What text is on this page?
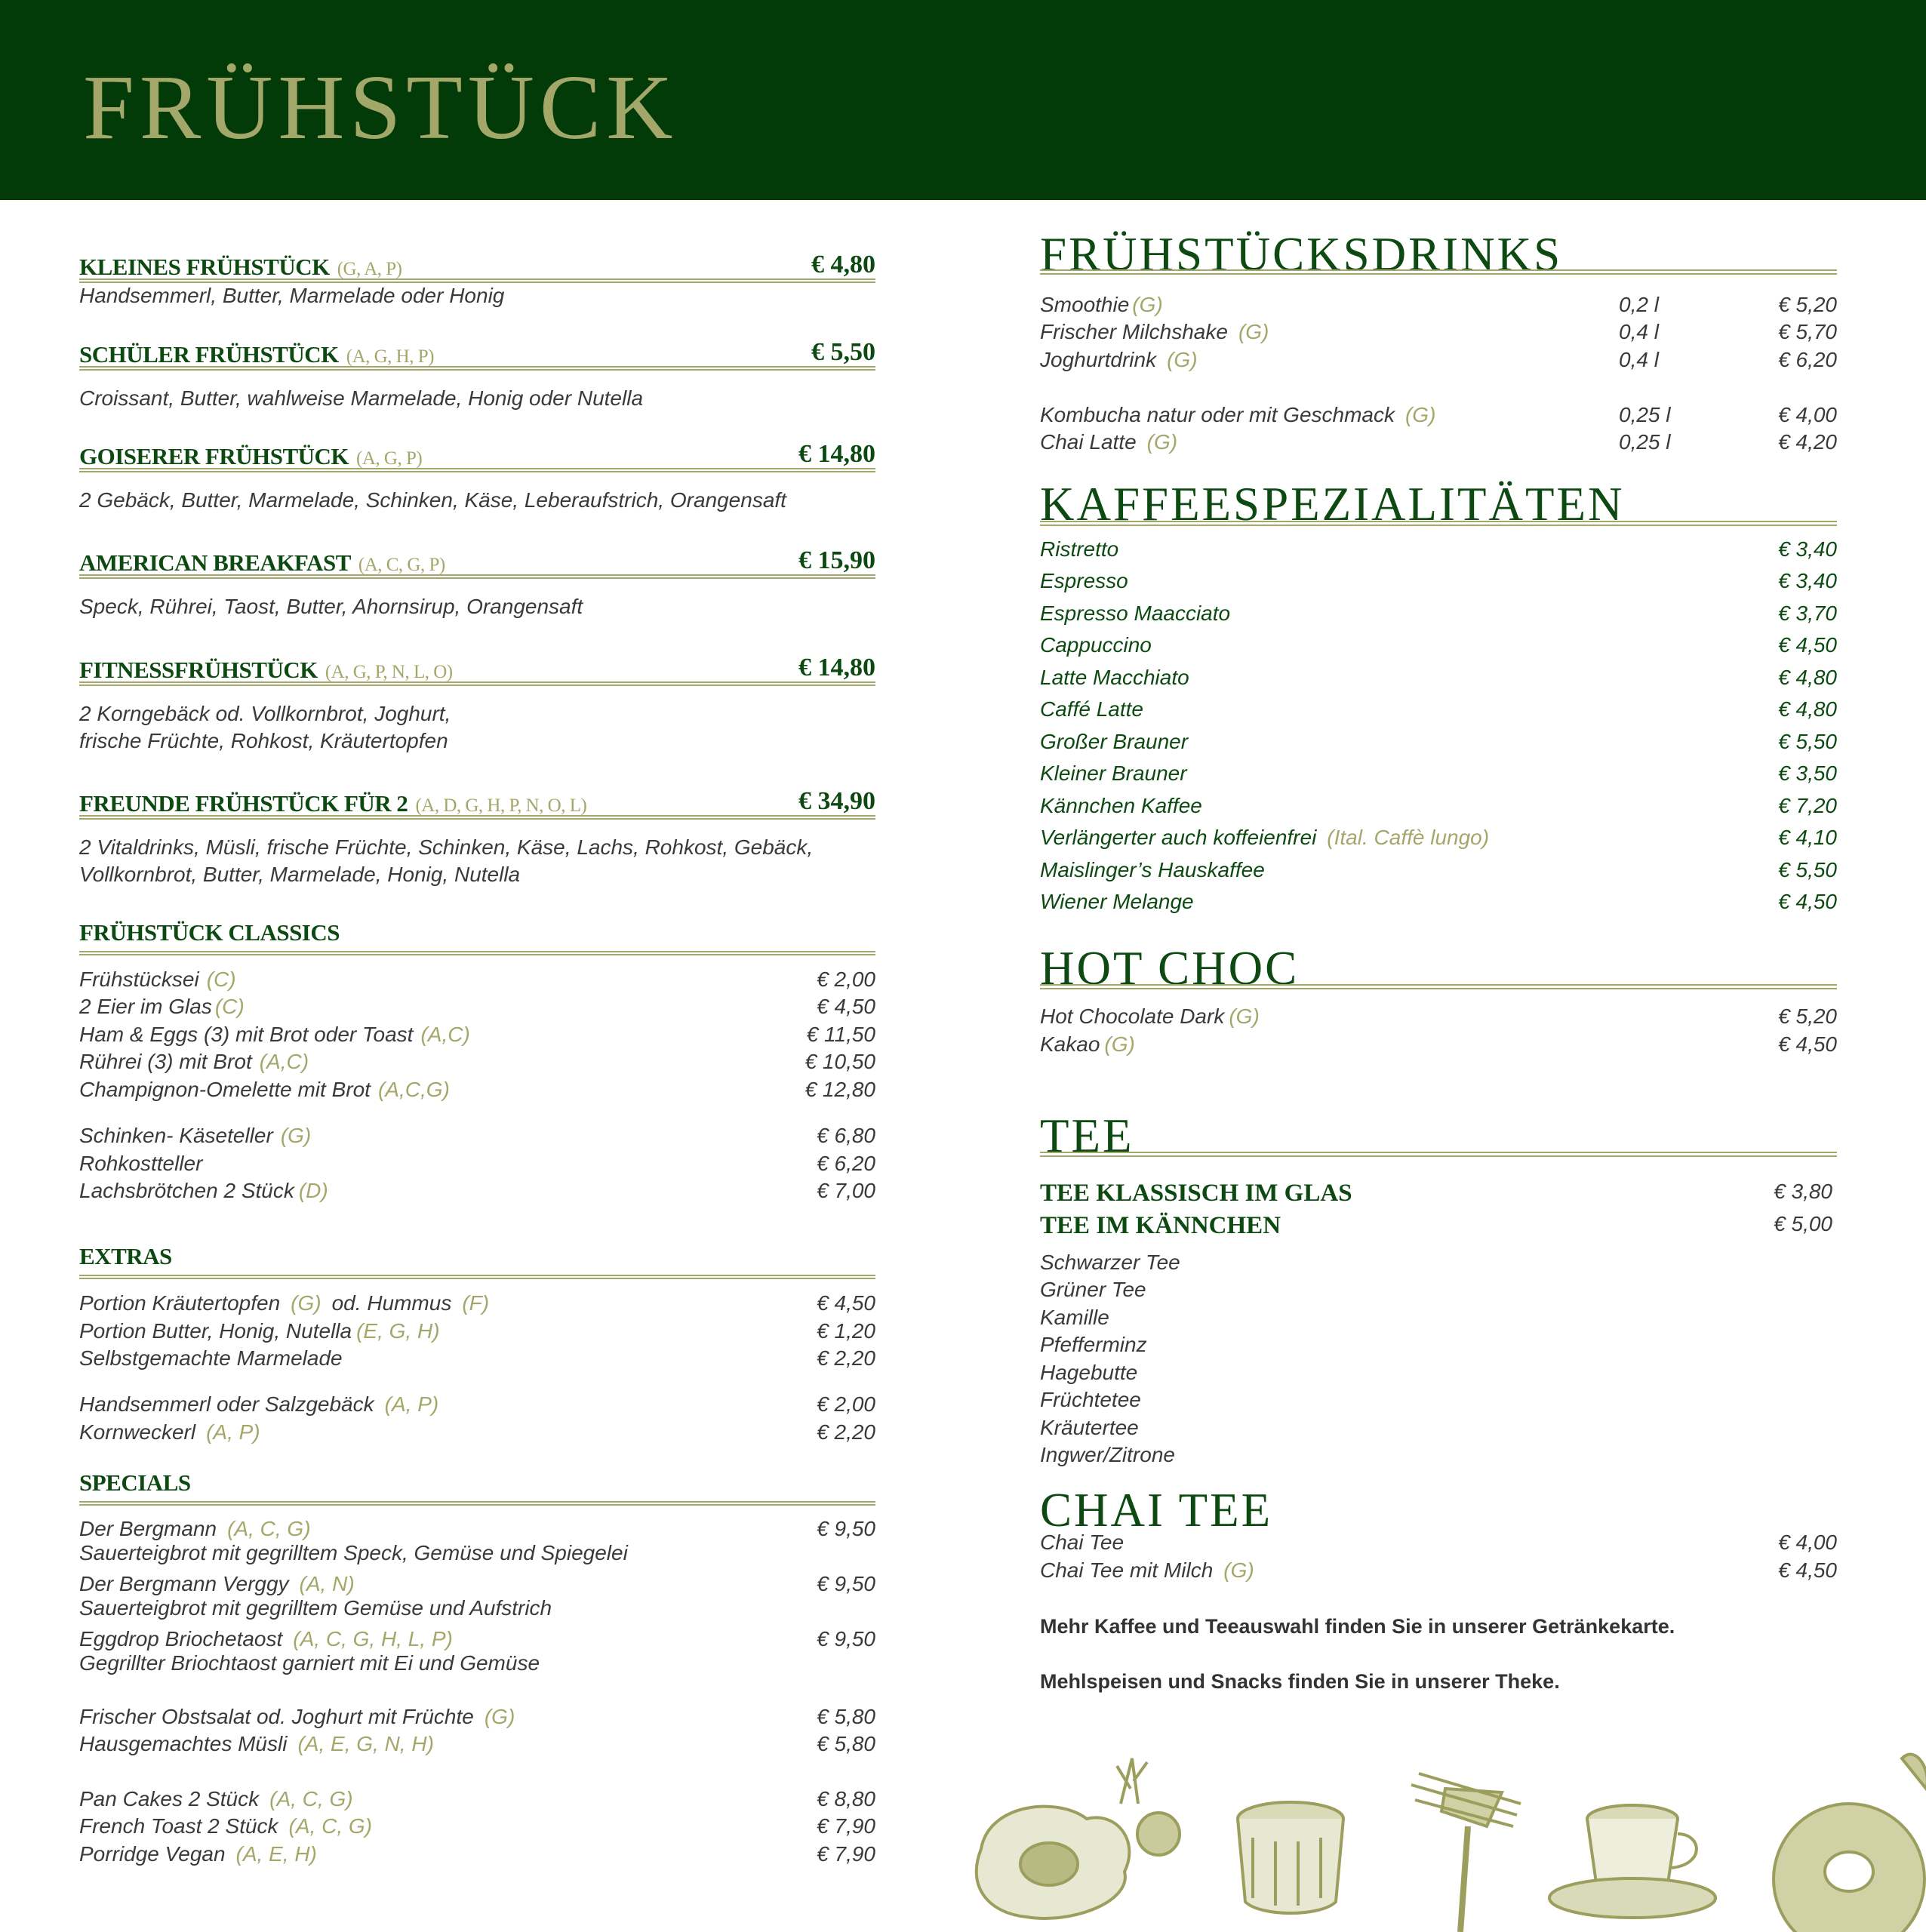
FRÜHSTÜCK
KLEINES FRÜHSTÜCK (G, A, P)	€ 4,80
Handsemmerl, Butter, Marmelade oder Honig
SCHÜLER FRÜHSTÜCK (A, G, H, P)	€ 5,50
Croissant, Butter, wahlweise Marmelade, Honig oder Nutella
GOISERER FRÜHSTÜCK (A, G, P)	€ 14,80
2 Gebäck, Butter, Marmelade, Schinken, Käse, Leberaufstrich, Orangensaft
AMERICAN BREAKFAST (A, C, G, P)	€ 15,90
Speck, Rührei, Taost, Butter, Ahornsirup, Orangensaft
FITNESSFRÜHSTÜCK (A, G, P, N, L, O)	€ 14,80
2 Korngebäck od. Vollkornbrot, Joghurt,
frische Früchte, Rohkost, Kräutertopfen
FREUNDE FRÜHSTÜCK FÜR 2 (A, D, G, H, P, N, O, L)	€ 34,90
2 Vitaldrinks, Müsli, frische Früchte, Schinken, Käse, Lachs, Rohkost, Gebäck,
Vollkornbrot, Butter, Marmelade, Honig, Nutella
FRÜHSTÜCK CLASSICS
Frühstücksei (C)	€ 2,00
2 Eier im Glas (C)	€ 4,50
Ham & Eggs (3) mit Brot oder Toast (A,C)	€ 11,50
Rührei (3) mit Brot (A,C)	€ 10,50
Champignon-Omelette mit Brot (A,C,G)	€ 12,80
Schinken- Käseteller (G)	€ 6,80
Rohkostteller	€ 6,20
Lachsbrötchen 2 Stück (D)	€ 7,00
EXTRAS
Portion Kräutertopfen (G) od. Hummus (F)	€ 4,50
Portion Butter, Honig, Nutella (E, G, H)	€ 1,20
Selbstgemachte Marmelade	€ 2,20
Handsemmerl oder Salzgebäck (A, P)	€ 2,00
Kornweckerl (A, P)	€ 2,20
SPECIALS
Der Bergmann (A, C, G)	€ 9,50
Sauerteigbrot mit gegrilltem Speck, Gemüse und Spiegelei
Der Bergmann Verggy (A, N)	€ 9,50
Sauerteigbrot mit gegrilltem Gemüse und Aufstrich
Eggdrop Briochetaost (A, C, G, H, L, P)	€ 9,50
Gegrillter Briochtaost garniert mit Ei und Gemüse
Frischer Obstsalat od. Joghurt mit Früchte (G)	€ 5,80
Hausgemachtes Müsli (A, E, G, N, H)	€ 5,80
Pan Cakes 2 Stück (A, C, G)	€ 8,80
French Toast 2 Stück (A, C, G)	€ 7,90
Porridge Vegan (A, E, H)	€ 7,90
FRÜHSTÜCKSDRINKS
Smoothie (G)	0,2 l	€ 5,20
Frischer Milchshake (G)	0,4 l	€ 5,70
Joghurtdrink (G)	0,4 l	€ 6,20
Kombucha natur oder mit Geschmack (G)	0,25 l	€ 4,00
Chai Latte (G)	0,25 l	€ 4,20
KAFFEESPEZIALITÄTEN
Ristretto	€ 3,40
Espresso	€ 3,40
Espresso Maacciato	€ 3,70
Cappuccino	€ 4,50
Latte Macchiato	€ 4,80
Caffé Latte	€ 4,80
Großer Brauner	€ 5,50
Kleiner Brauner	€ 3,50
Kännchen Kaffee	€ 7,20
Verlängerter auch koffeienfrei (Ital. Caffè lungo)	€ 4,10
Maislinger’s Hauskaffee	€ 5,50
Wiener Melange	€ 4,50
HOT CHOC
Hot Chocolate Dark (G)	€ 5,20
Kakao (G)	€ 4,50
TEE
TEE KLASSISCH IM GLAS	€ 3,80
TEE IM KÄNNCHEN	€ 5,00
Schwarzer Tee
Grüner Tee
Kamille
Pfefferminz
Hagebutte
Früchtetee
Kräutertee
Ingwer/Zitrone
CHAI TEE
Chai Tee	€ 4,00
Chai Tee mit Milch (G)	€ 4,50
Mehr Kaffee und Teeauswahl finden Sie in unserer Getränkekarte.
Mehlspeisen und Snacks finden Sie in unserer Theke.
